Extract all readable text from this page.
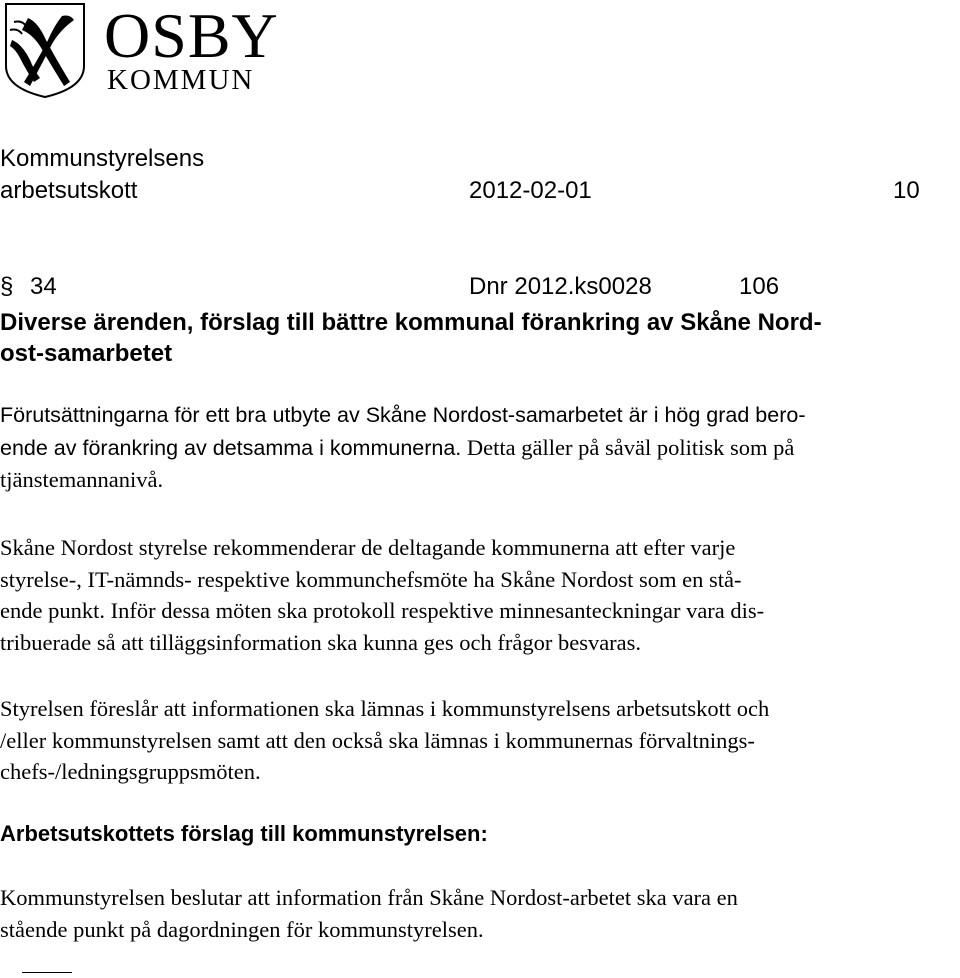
OSBY
KOMMUN
Kommunstyrelsens
arbetsutskott	2012-02-01	10
§ 34	Dnr 2012.ks0028	106
Diverse ärenden, förslag till bättre kommunal förankring av Skåne Nord-
ost-samarbetet
Förutsättningarna för ett bra utbyte av Skåne Nordost-samarbetet är i hög grad bero-
ende av förankring av detsamma i kommunerna. Detta gäller på såväl politisk som på
tjänstemannanivå.
Skåne Nordost styrelse rekommenderar de deltagande kommunerna att efter varje
styrelse-, IT-nämnds- respektive kommunchefsmöte ha Skåne Nordost som en stå-
ende punkt. Inför dessa möten ska protokoll respektive minnesanteckningar vara dis-
tribuerade så att tilläggsinformation ska kunna ges och frågor besvaras.
Styrelsen föreslår att informationen ska lämnas i kommunstyrelsens arbetsutskott och
/eller kommunstyrelsen samt att den också ska lämnas i kommunernas förvaltnings-
chefs-/ledningsgruppsmöten.
Arbetsutskottets förslag till kommunstyrelsen:
Kommunstyrelsen beslutar att information från Skåne Nordost-arbetet ska vara en
stående punkt på dagordningen för kommunstyrelsen.
